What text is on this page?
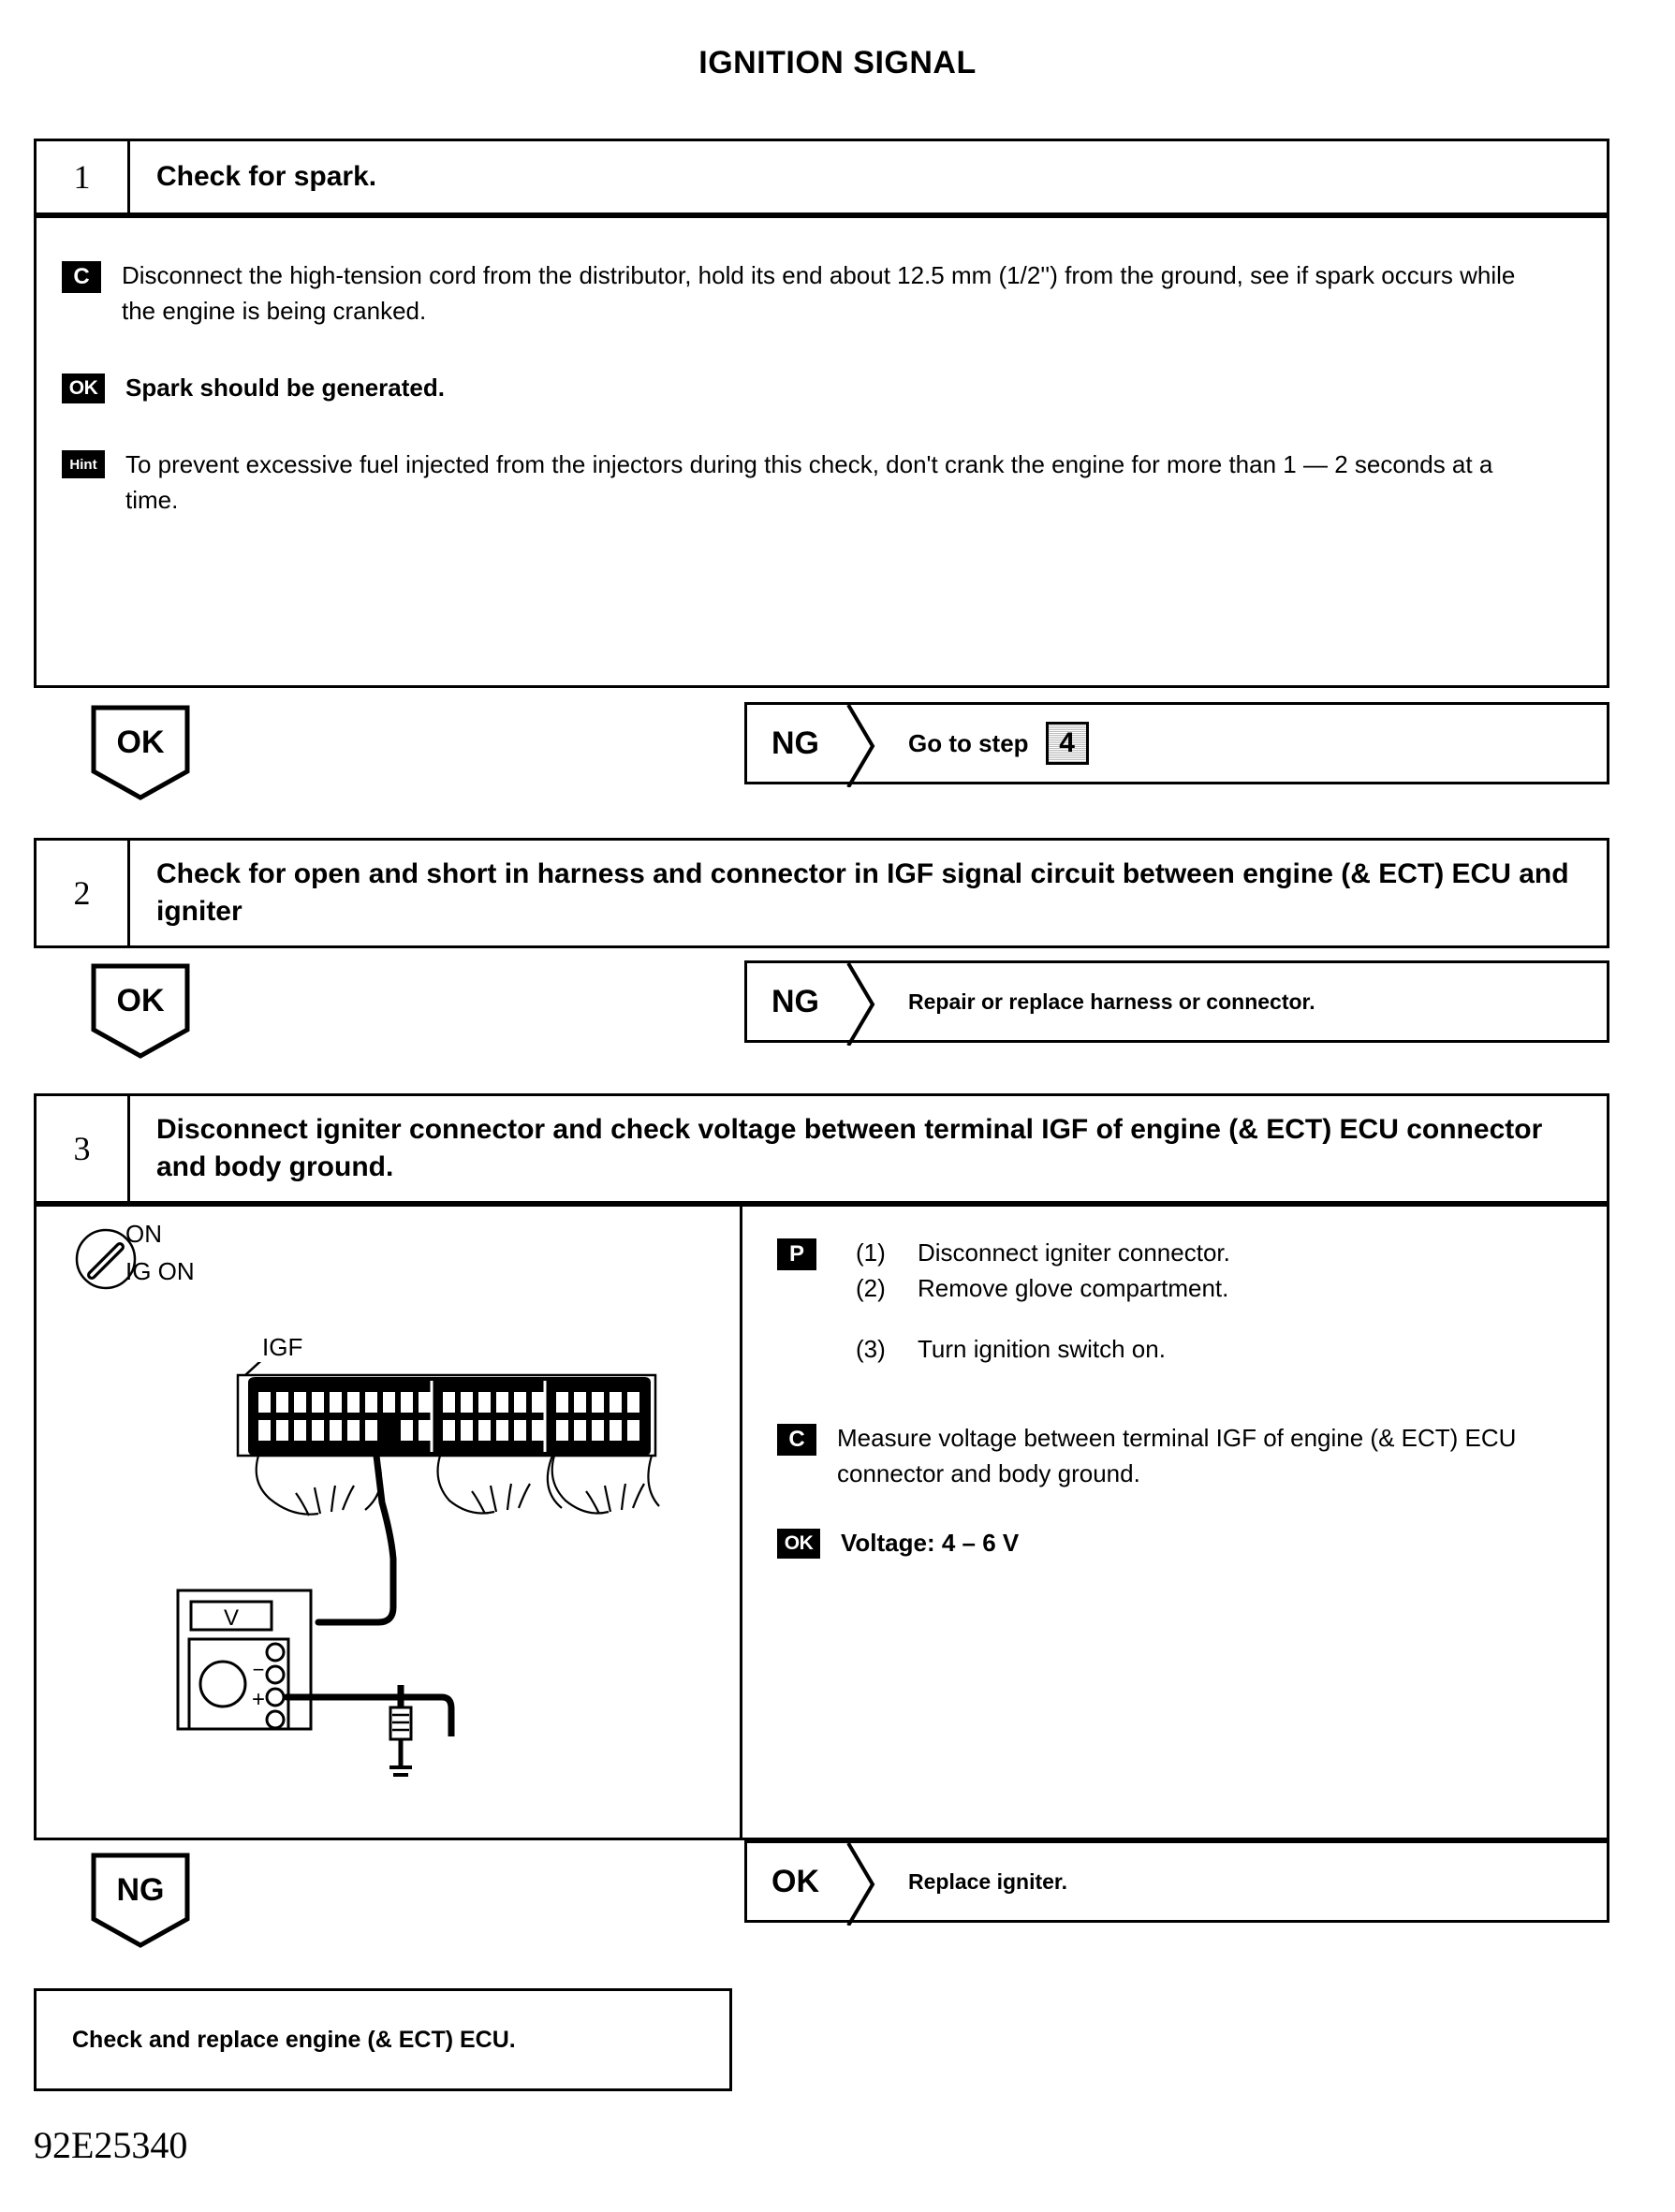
IGNITION SIGNAL
1	Check for spark.
C	Disconnect the high-tension cord from the distributor, hold its end about 12.5 mm (1/2'') from the ground, see if spark occurs while the engine is being cranked.
OK Spark should be generated.
Hint	To prevent excessive fuel injected from the injectors during this check, don't crank the engine for more than 1 — 2 seconds at a time.
OK	NG	Go to step	4
2
Check for open and short in harness and connector in IGF signal circuit between engine (& ECT) ECU and igniter
OK	NG	Repair or replace harness or connector.
3
Disconnect igniter connector and check voltage between terminal IGF of engine (& ECT) ECU connector and body ground.
ON
IG ON
IGF
V
−
+
P	(1)	Disconnect igniter connector.
(2)	Remove glove compartment.
(3)	Turn ignition switch on.
C	Measure voltage between terminal IGF of engine (& ECT) ECU connector and body ground.
OK Voltage: 4 – 6 V
NG	OK	Replace igniter.
Check and replace engine (& ECT) ECU.
92E25340
